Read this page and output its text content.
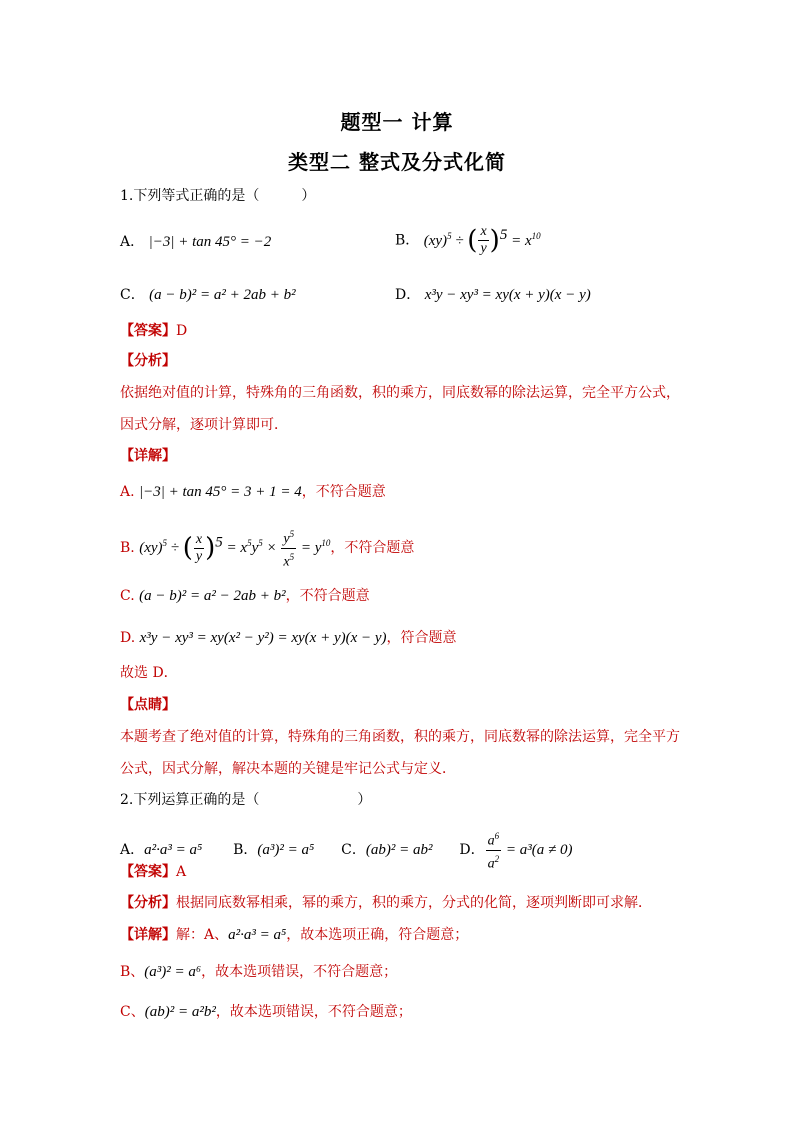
题型一 计算
类型二 整式及分式化简
1.下列等式正确的是（　　　）
A． |−3| + tan 45° = −2	B． (xy)$^5$ ÷ ( $\frac{x}{y} )^5 = x^{10}$
C． (a − b)² = a² + 2ab + b²	D． x³y − xy³ = xy(x + y)(x − y)
【答案】D
【分析】
依据绝对值的计算，特殊角的三角函数，积的乘方，同底数幂的除法运算，完全平方公式，因式分解，逐项计算即可．
【详解】
A. |−3| + tan 45° = 3 + 1 = 4，不符合题意
B. (xy)$^5$ ÷ ( $\frac{x}{y} )^5 = x^5y^5 \times \frac{y^5}{x^5} = y^{10}$，不符合题意
C. (a − b)² = a² − 2ab + b²，不符合题意
D. x³y − xy³ = xy(x² − y²) = xy(x + y)(x − y)，符合题意
故选 D．
【点睛】
本题考查了绝对值的计算，特殊角的三角函数，积的乘方，同底数幂的除法运算，完全平方公式，因式分解，解决本题的关键是牢记公式与定义．
2.下列运算正确的是（　　　　　　　）
A．a²·a³ = a⁵ B．(a³)² = a⁵ C．(ab)² = ab² D． $\frac{a^6}{a^2} = a^3(a \ne 0)$
【答案】A
【分析】根据同底数幂相乘，幂的乘方，积的乘方，分式的化简，逐项判断即可求解．
【详解】解：A、a²·a³ = a⁵，故本选项正确，符合题意；
B、(a³)² = a⁶，故本选项错误，不符合题意；
C、(ab)² = a²b²，故本选项错误，不符合题意；
